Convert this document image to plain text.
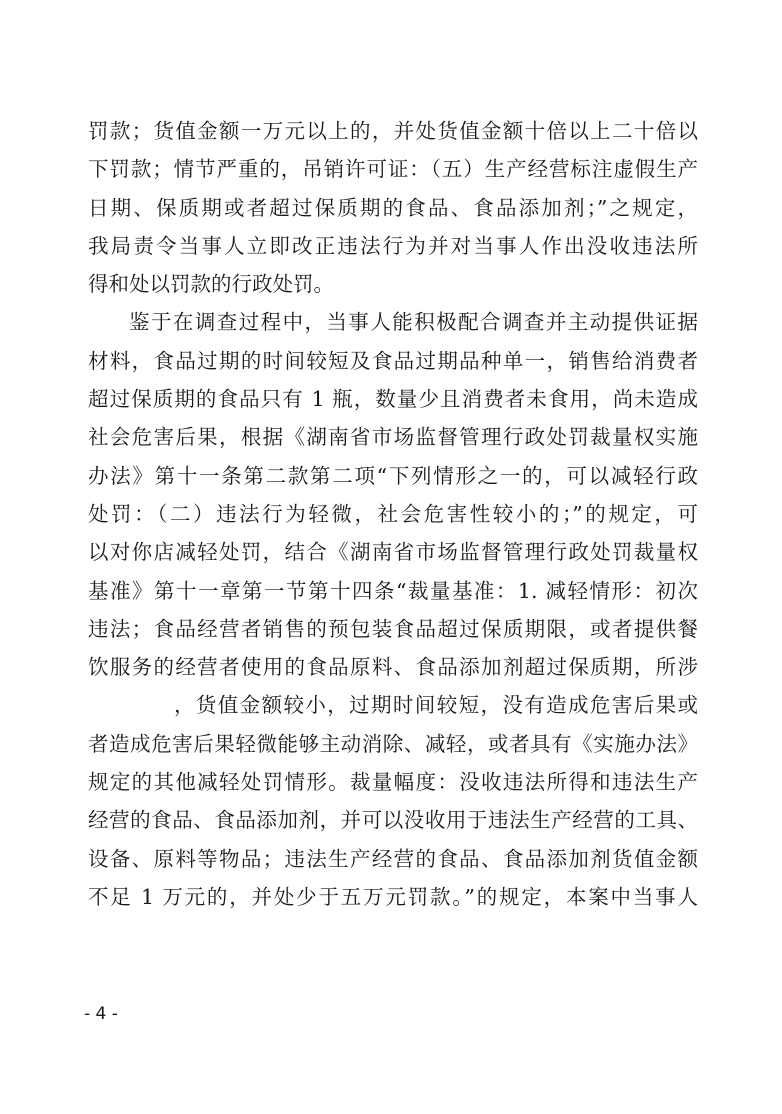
罚款；货值金额一万元以上的，并处货值金额十倍以上二十倍以
下罚款；情节严重的，吊销许可证：（五）生产经营标注虚假生产
日期、保质期或者超过保质期的食品、食品添加剂；”之规定，
我局责令当事人立即改正违法行为并对当事人作出没收违法所
得和处以罚款的行政处罚。
鉴于在调查过程中，当事人能积极配合调查并主动提供证据
材料，食品过期的时间较短及食品过期品种单一，销售给消费者
超过保质期的食品只有 1 瓶，数量少且消费者未食用，尚未造成
社会危害后果，根据《湖南省市场监督管理行政处罚裁量权实施
办法》第十一条第二款第二项“下列情形之一的，可以减轻行政
处罚：（二）违法行为轻微，社会危害性较小的；”的规定，可
以对你店减轻处罚，结合《湖南省市场监督管理行政处罚裁量权
基准》第十一章第一节第十四条“裁量基准：1. 减轻情形：初次
违法；食品经营者销售的预包装食品超过保质期限，或者提供餐
饮服务的经营者使用的食品原料、食品添加剂超过保质期，所涉
，货值金额较小，过期时间较短，没有造成危害后果或
者造成危害后果轻微能够主动消除、减轻，或者具有《实施办法》
规定的其他减轻处罚情形。裁量幅度：没收违法所得和违法生产
经营的食品、食品添加剂，并可以没收用于违法生产经营的工具、
设备、原料等物品；违法生产经营的食品、食品添加剂货值金额
不足 1 万元的，并处少于五万元罚款。”的规定，本案中当事人
- 4 -
